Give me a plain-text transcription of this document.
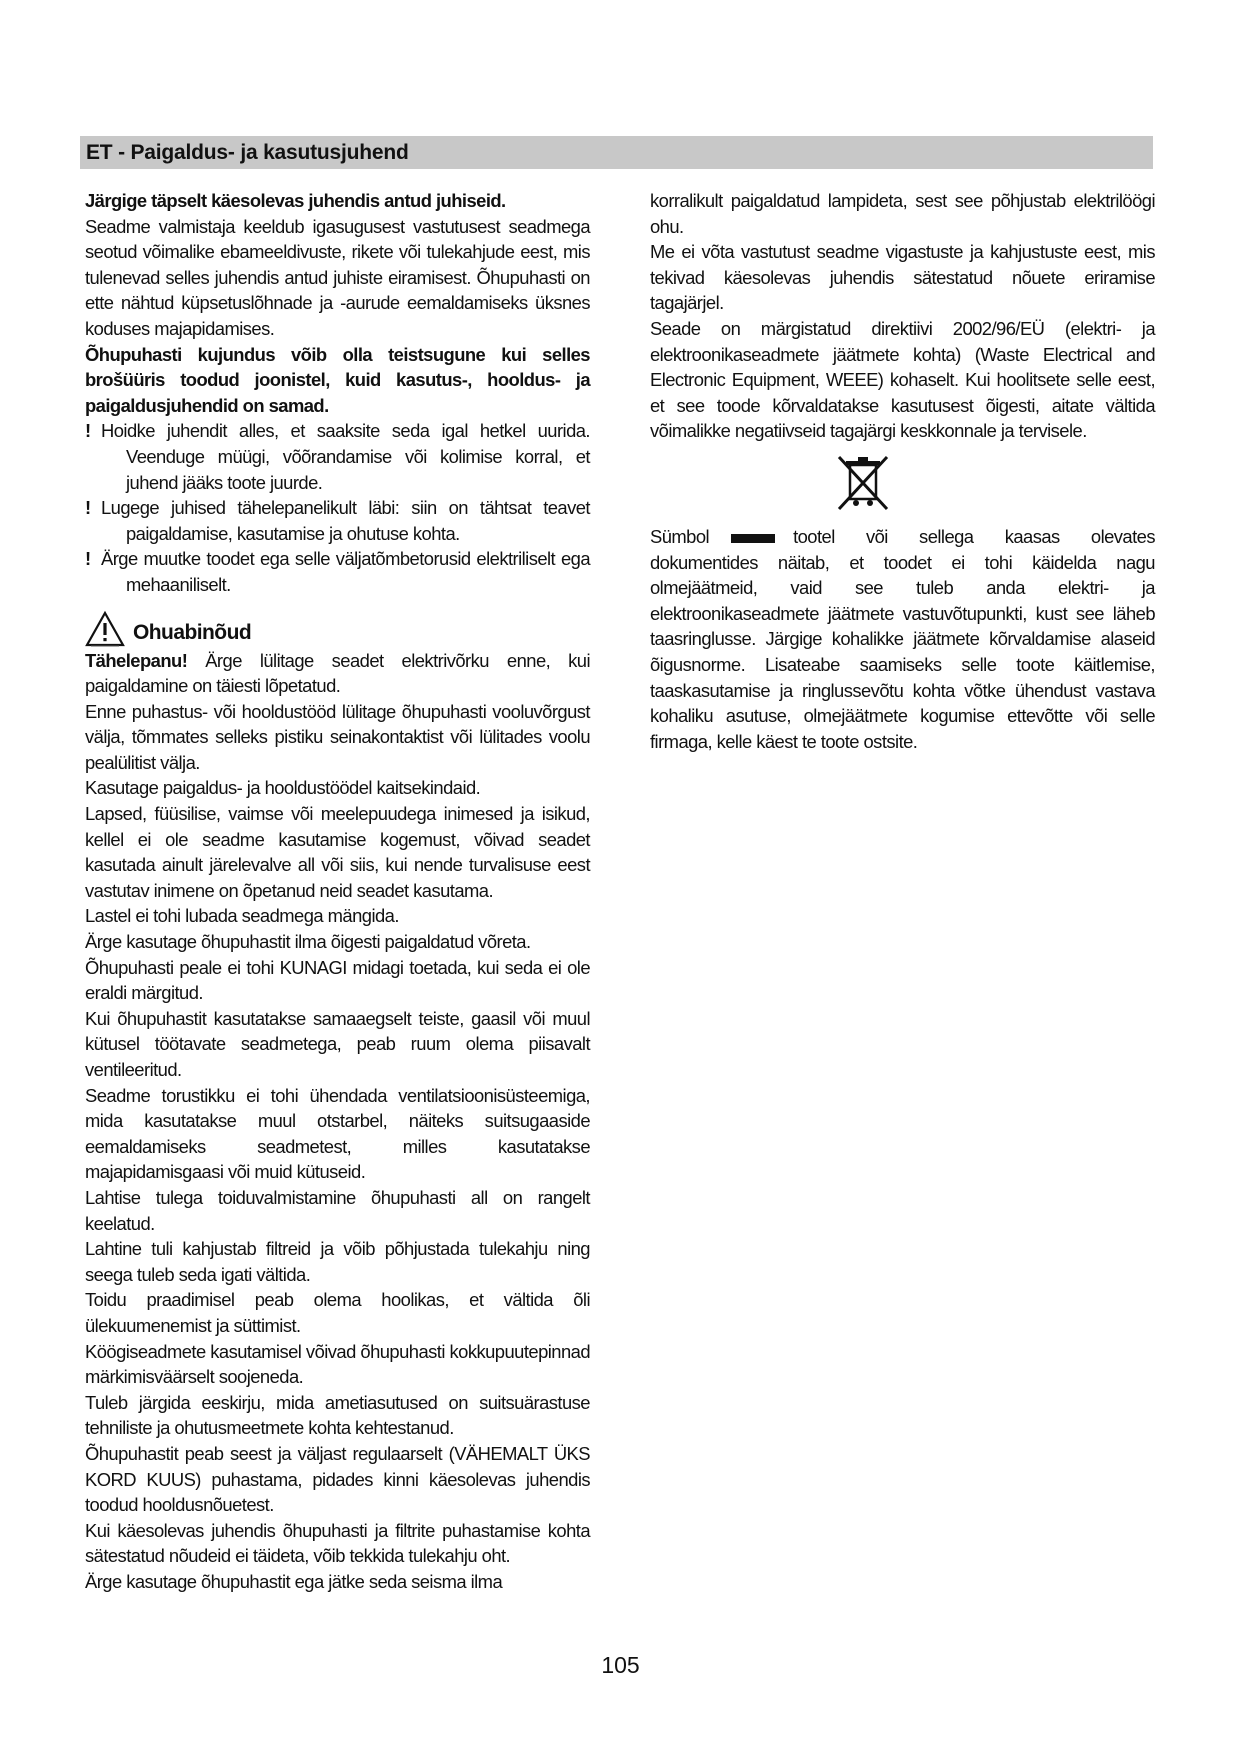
ET - Paigaldus- ja kasutusjuhend

Järgige täpselt käesolevas juhendis antud juhiseid.

Seadme valmistaja keeldub igasugusest vastutusest seadmega seotud võimalike ebameeldivuste, rikete või tulekahjude eest, mis tulenevad selles juhendis antud juhiste eiramisest. Õhupuhasti on ette nähtud küpsetuslõhnade ja -aurude eemaldamiseks üksnes koduses majapidamises.

Õhupuhasti kujundus võib olla teistsugune kui selles brošüüris toodud joonistel, kuid kasutus-, hooldus- ja paigaldusjuhendid on samad.

! Hoidke juhendit alles, et saaksite seda igal hetkel uurida. Veenduge müügi, võõrandamise või kolimise korral, et juhend jääks toote juurde.

! Lugege juhised tähelepanelikult läbi: siin on tähtsat teavet paigaldamise, kasutamise ja ohutuse kohta.

! Ärge muutke toodet ega selle väljatõmbetorusid elektriliselt ega mehaaniliselt.

Ohuabinõud

Tähelepanu! Ärge lülitage seadet elektrivõrku enne, kui paigaldamine on täiesti lõpetatud.

Enne puhastus- või hooldustööd lülitage õhupuhasti vooluvõrgust välja, tõmmates selleks pistiku seinakontaktist või lülitades voolu pealülitist välja.

Kasutage paigaldus- ja hooldustöödel kaitsekindaid.

Lapsed, füüsilise, vaimse või meelepuudega inimesed ja isikud, kellel ei ole seadme kasutamise kogemust, võivad seadet kasutada ainult järelevalve all või siis, kui nende turvalisuse eest vastutav inimene on õpetanud neid seadet kasutama.

Lastel ei tohi lubada seadmega mängida.

Ärge kasutage õhupuhastit ilma õigesti paigaldatud võreta.

Õhupuhasti peale ei tohi KUNAGI midagi toetada, kui seda ei ole eraldi märgitud.

Kui õhupuhastit kasutatakse samaaegselt teiste, gaasil või muul kütusel töötavate seadmetega, peab ruum olema piisavalt ventileeritud.

Seadme torustikku ei tohi ühendada ventilatsioonisüsteemiga, mida kasutatakse muul otstarbel, näiteks suitsugaaside eemaldamiseks seadmetest, milles kasutatakse majapidamisgaasi või muid kütuseid.

Lahtise tulega toiduvalmistamine õhupuhasti all on rangelt keelatud.

Lahtine tuli kahjustab filtreid ja võib põhjustada tulekahju ning seega tuleb seda igati vältida.

Toidu praadimisel peab olema hoolikas, et vältida õli ülekuumenemist ja süttimist.

Köögiseadmete kasutamisel võivad õhupuhasti kokkupuutepinnad märkimisväärselt soojeneda.

Tuleb järgida eeskirju, mida ametiasutused on suitsuärastuse tehniliste ja ohutusmeetmete kohta kehtestanud.

Õhupuhastit peab seest ja väljast regulaarselt (VÄHEMALT ÜKS KORD KUUS) puhastama, pidades kinni käesolevas juhendis toodud hooldusnõuetest.

Kui käesolevas juhendis õhupuhasti ja filtrite puhastamise kohta sätestatud nõudeid ei täideta, võib tekkida tulekahju oht.

Ärge kasutage õhupuhastit ega jätke seda seisma ilma

korralikult paigaldatud lampideta, sest see põhjustab elektrilöögi ohu.

Me ei võta vastutust seadme vigastuste ja kahjustuste eest, mis tekivad käesolevas juhendis sätestatud nõuete eriramise tagajärjel.

Seade on märgistatud direktiivi 2002/96/EÜ (elektri- ja elektroonikaseadmete jäätmete kohta) (Waste Electrical and Electronic Equipment, WEEE) kohaselt. Kui hoolitsete selle eest, et see toode kõrvaldatakse kasutusest õigesti, aitate vältida võimalikke negatiivseid tagajärgi keskkonnale ja tervisele.

Sümbol	tootel või sellega kaasas olevates dokumentides näitab, et toodet ei tohi käidelda nagu olmejäätmeid, vaid see tuleb anda elektri- ja elektroonikaseadmete jäätmete vastuvõtupunkti, kust see läheb taasringlusse. Järgige kohalikke jäätmete kõrvaldamise alaseid õigusnorme. Lisateabe saamiseks selle toote käitlemise, taaskasutamise ja ringlussevõtu kohta võtke ühendust vastava kohaliku asutuse, olmejäätmete kogumise ettevõtte või selle firmaga, kelle käest te toote ostsite.

105
